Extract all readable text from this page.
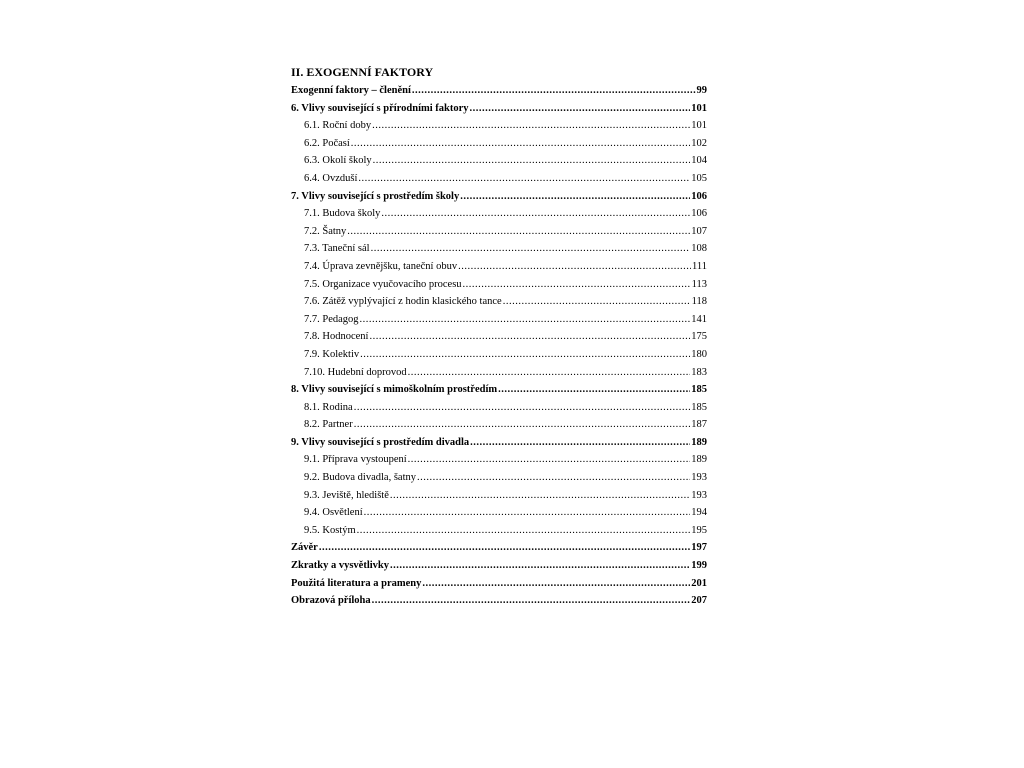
II. EXOGENNÍ FAKTORY
Exogenní faktory – členění .....	99
6. Vlivy související s přírodními faktory .....	101
6.1. Roční doby .....	101
6.2. Počasí .....	102
6.3. Okolí školy .....	104
6.4. Ovzduší .....	105
7. Vlivy související s prostředím školy .....	106
7.1. Budova školy .....	106
7.2. Šatny .....	107
7.3. Taneční sál .....	108
7.4. Úprava zevnějšku, taneční obuv .....	111
7.5. Organizace vyučovacího procesu .....	113
7.6. Zátěž vyplývající z hodin klasického tance .....	118
7.7. Pedagog .....	141
7.8. Hodnocení .....	175
7.9. Kolektiv .....	180
7.10. Hudební doprovod .....	183
8. Vlivy související s mimoškolním prostředím .....	185
8.1. Rodina .....	185
8.2. Partner .....	187
9. Vlivy související s prostředím divadla .....	189
9.1. Příprava vystoupení .....	189
9.2. Budova divadla, šatny .....	193
9.3. Jeviště, hlediště .....	193
9.4. Osvětlení .....	194
9.5. Kostým .....	195
Závěr .....	197
Zkratky a vysvětlivky .....	199
Použitá literatura a prameny .....	201
Obrazová příloha .....	207
